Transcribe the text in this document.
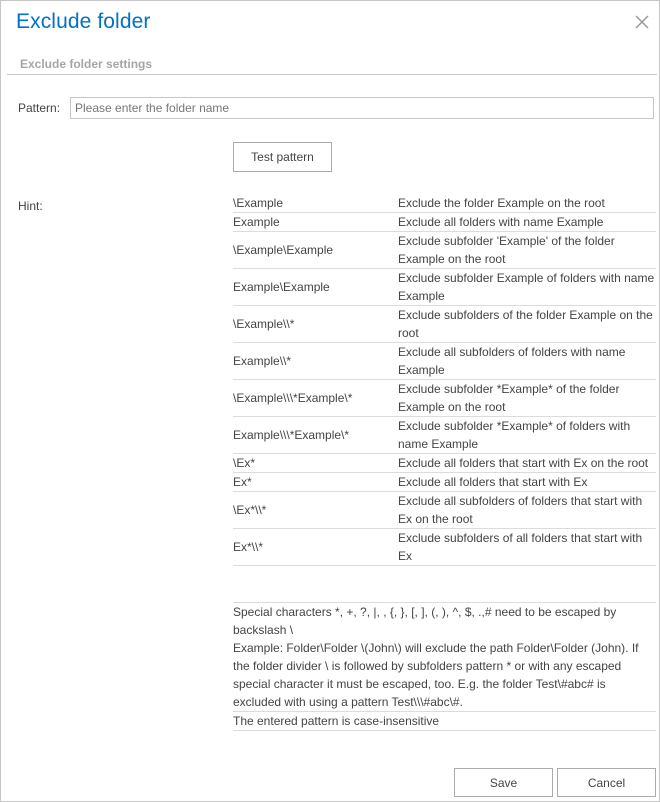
Exclude folder
Exclude folder settings
Pattern:
Please enter the folder name
Test pattern
Hint:	\Example	Exclude the folder Example on the root
Example	Exclude all folders with name Example
\Example\Example	Exclude subfolder 'Example' of the folder Example on the root
Example\Example	Exclude subfolder Example of folders with name Example
\Example\\*	Exclude subfolders of the folder Example on the root
Example\\*	Exclude all subfolders of folders with name Example
\Example\\\*Example\*	Exclude subfolder *Example* of the folder Example on the root
Example\\\*Example\*	Exclude subfolder *Example* of folders with name Example
\Ex*	Exclude all folders that start with Ex on the root
Ex*	Exclude all folders that start with Ex
\Ex*\\*	Exclude all subfolders of folders that start with Ex on the root
Ex*\\*	Exclude subfolders of all folders that start with Ex

Special characters *, +, ?, |, , {, }, [, ], (, ), ^, $, .,# need to be escaped by backslash \
Example: Folder\Folder \(John\) will exclude the path Folder\Folder (John). If the folder divider \ is followed by subfolders pattern * or with any escaped special character it must be escaped, too. E.g. the folder Test\#abc# is excluded with using a pattern Test\\\#abc\#.	

The entered pattern is case-insensitive	
Save	Cancel
